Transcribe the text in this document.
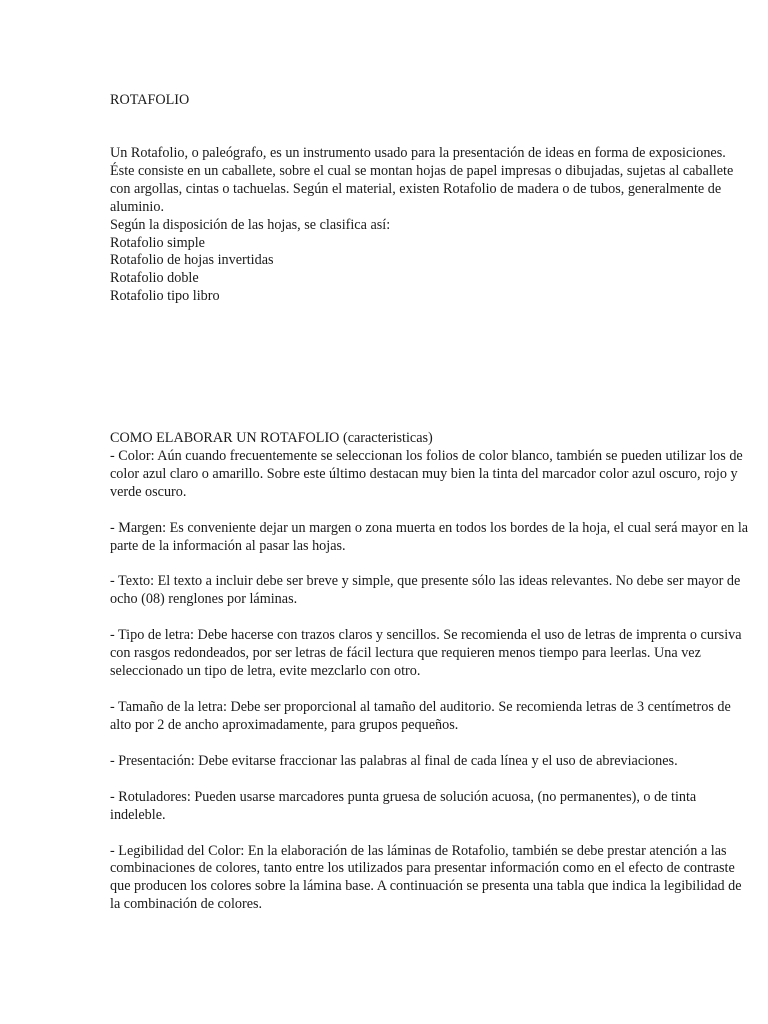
ROTAFOLIO

Un Rotafolio, o paleógrafo, es un instrumento usado para la presentación de ideas en forma de exposiciones. Éste consiste en un caballete, sobre el cual se montan hojas de papel impresas o dibujadas, sujetas al caballete con argollas, cintas o tachuelas. Según el material, existen Rotafolio de madera o de tubos, generalmente de aluminio.

Según la disposición de las hojas, se clasifica así:

Rotafolio simple
Rotafolio de hojas invertidas
Rotafolio doble
Rotafolio tipo libro

COMO ELABORAR UN ROTAFOLIO (caracteristicas)

- Color: Aún cuando frecuentemente se seleccionan los folios de color blanco, también se pueden utilizar los de color azul claro o amarillo. Sobre este último destacan muy bien la tinta del marcador color azul oscuro, rojo y verde oscuro.

- Margen: Es conveniente dejar un margen o zona muerta en todos los bordes de la hoja, el cual será mayor en la parte de la información al pasar las hojas.

- Texto: El texto a incluir debe ser breve y simple, que presente sólo las ideas relevantes. No debe ser mayor de ocho (08) renglones por láminas.

- Tipo de letra: Debe hacerse con trazos claros y sencillos. Se recomienda el uso de letras de imprenta o cursiva con rasgos redondeados, por ser letras de fácil lectura que requieren menos tiempo para leerlas. Una vez seleccionado un tipo de letra, evite mezclarlo con otro.

- Tamaño de la letra: Debe ser proporcional al tamaño del auditorio. Se recomienda letras de 3 centímetros de alto por 2 de ancho aproximadamente, para grupos pequeños.

- Presentación: Debe evitarse fraccionar las palabras al final de cada línea y el uso de abreviaciones.

- Rotuladores: Pueden usarse marcadores punta gruesa de solución acuosa, (no permanentes), o de tinta indeleble.

- Legibilidad del Color: En la elaboración de las láminas de Rotafolio, también se debe prestar atención a las combinaciones de colores, tanto entre los utilizados para presentar información como en el efecto de contraste que producen los colores sobre la lámina base. A continuación se presenta una tabla que indica la legibilidad de la combinación de colores.
